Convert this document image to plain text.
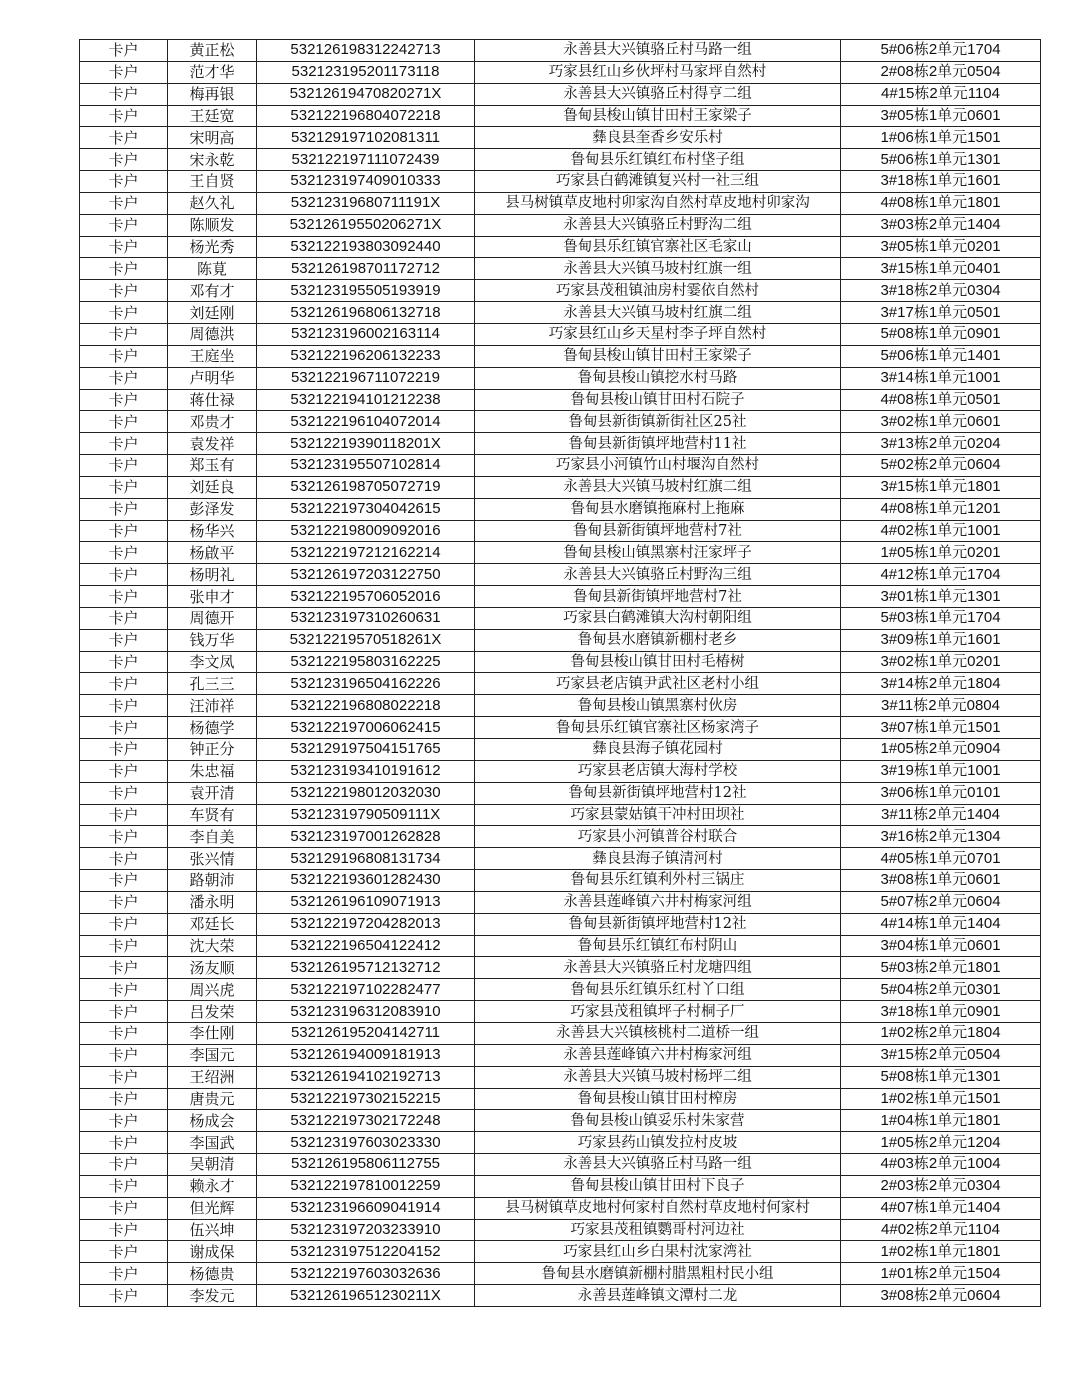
卡户	黄正松	532126198312242713	永善县大兴镇骆丘村马路一组	5#06栋2单元1704
卡户	范才华	532123195201173118	巧家县红山乡伙坪村马家坪自然村	2#08栋2单元0504
卡户	梅再银	53212619470820271X	永善县大兴镇骆丘村得亨二组	4#15栋2单元1104
卡户	王廷宽	532122196804072218	鲁甸县梭山镇甘田村王家梁子	3#05栋1单元0601
卡户	宋明高	532129197102081311	彝良县奎香乡安乐村	1#06栋1单元1501
卡户	宋永乾	532122197111072439	鲁甸县乐红镇红布村垡子组	5#06栋1单元1301
卡户	王自贤	532123197409010333	巧家县白鹤滩镇复兴村一社三组	3#18栋1单元1601
卡户	赵久礼	53212319680711191X	县马树镇草皮地村卯家沟自然村草皮地村卯家沟	4#08栋1单元1801
卡户	陈顺发	53212619550206271X	永善县大兴镇骆丘村野沟二组	3#03栋2单元1404
卡户	杨光秀	532122193803092440	鲁甸县乐红镇官寨社区毛家山	3#05栋1单元0201
卡户	陈莧	532126198701172712	永善县大兴镇马坡村红旗一组	3#15栋1单元0401
卡户	邓有才	532123195505193919	巧家县茂租镇油房村霎依自然村	3#18栋2单元0304
卡户	刘廷刚	532126196806132718	永善县大兴镇马坡村红旗二组	3#17栋1单元0501
卡户	周德洪	532123196002163114	巧家县红山乡天星村李子坪自然村	5#08栋1单元0901
卡户	王庭坐	532122196206132233	鲁甸县梭山镇甘田村王家梁子	5#06栋1单元1401
卡户	卢明华	532122196711072219	鲁甸县梭山镇挖水村马路	3#14栋1单元1001
卡户	蒋仕禄	532122194101212238	鲁甸县梭山镇甘田村石院子	4#08栋1单元0501
卡户	邓贵才	532122196104072014	鲁甸县新街镇新街社区25社	3#02栋1单元0601
卡户	袁发祥	53212219390118201X	鲁甸县新街镇坪地营村11社	3#13栋2单元0204
卡户	郑玉有	532123195507102814	巧家县小河镇竹山村堰沟自然村	5#02栋2单元0604
卡户	刘廷良	532126198705072719	永善县大兴镇马坡村红旗二组	3#15栋1单元1801
卡户	彭泽发	532122197304042615	鲁甸县水磨镇拖麻村上拖麻	4#08栋1单元1201
卡户	杨华兴	532122198009092016	鲁甸县新街镇坪地营村7社	4#02栋1单元1001
卡户	杨啟平	532122197212162214	鲁甸县梭山镇黑寨村汪家坪子	1#05栋1单元0201
卡户	杨明礼	532126197203122750	永善县大兴镇骆丘村野沟三组	4#12栋1单元1704
卡户	张申才	532122195706052016	鲁甸县新街镇坪地营村7社	3#01栋1单元1301
卡户	周德开	532123197310260631	巧家县白鹤滩镇大沟村朝阳组	5#03栋1单元1704
卡户	钱万华	53212219570518261X	鲁甸县水磨镇新棚村老乡	3#09栋1单元1601
卡户	李文凤	532122195803162225	鲁甸县梭山镇甘田村毛椿树	3#02栋1单元0201
卡户	孔三三	532123196504162226	巧家县老店镇尹武社区老村小组	3#14栋2单元1804
卡户	汪沛祥	532122196808022218	鲁甸县梭山镇黑寨村伙房	3#11栋2单元0804
卡户	杨德学	532122197006062415	鲁甸县乐红镇官寨社区杨家湾子	3#07栋1单元1501
卡户	钟正分	532129197504151765	彝良县海子镇花园村	1#05栋2单元0904
卡户	朱忠福	532123193410191612	巧家县老店镇大海村学校	3#19栋1单元1001
卡户	袁开清	532122198012032030	鲁甸县新街镇坪地营村12社	3#06栋1单元0101
卡户	车贤有	53212319790509111X	巧家县蒙姑镇干冲村田坝社	3#11栋2单元1404
卡户	李自美	532123197001262828	巧家县小河镇普谷村联合	3#16栋2单元1304
卡户	张兴情	532129196808131734	彝良县海子镇清河村	4#05栋1单元0701
卡户	路朝沛	532122193601282430	鲁甸县乐红镇利外村三锅庄	3#08栋1单元0601
卡户	潘永明	532126196109071913	永善县莲峰镇六井村梅家河组	5#07栋2单元0604
卡户	邓廷长	532122197204282013	鲁甸县新街镇坪地营村12社	4#14栋1单元1404
卡户	沈大荣	532122196504122412	鲁甸县乐红镇红布村阴山	3#04栋1单元0601
卡户	汤友顺	532126195712132712	永善县大兴镇骆丘村龙塘四组	5#03栋2单元1801
卡户	周兴虎	532122197102282477	鲁甸县乐红镇乐红村丫口组	5#04栋2单元0301
卡户	吕发荣	532123196312083910	巧家县茂租镇坪子村桐子厂	3#18栋1单元0901
卡户	李仕刚	532126195204142711	永善县大兴镇核桃村二道桥一组	1#02栋2单元1804
卡户	李国元	532126194009181913	永善县莲峰镇六井村梅家河组	3#15栋2单元0504
卡户	王绍洲	532126194102192713	永善县大兴镇马坡村杨坪二组	5#08栋1单元1301
卡户	唐贵元	532122197302152215	鲁甸县梭山镇甘田村榨房	1#02栋1单元1501
卡户	杨成会	532122197302172248	鲁甸县梭山镇妥乐村朱家营	1#04栋1单元1801
卡户	李国武	532123197603023330	巧家县药山镇发拉村皮坡	1#05栋2单元1204
卡户	吴朝清	532126195806112755	永善县大兴镇骆丘村马路一组	4#03栋2单元1004
卡户	赖永才	532122197810012259	鲁甸县梭山镇甘田村下良子	2#03栋2单元0304
卡户	但光辉	532123196609041914	县马树镇草皮地村何家村自然村草皮地村何家村	4#07栋1单元1404
卡户	伍兴坤	532123197203233910	巧家县茂租镇鹦哥村河边社	4#02栋2单元1104
卡户	谢成保	532123197512204152	巧家县红山乡白果村沈家湾社	1#02栋1单元1801
卡户	杨德贵	532122197603032636	鲁甸县水磨镇新棚村腊黑粗村民小组	1#01栋2单元1504
卡户	李发元	53212619651230211X	永善县莲峰镇文潭村二龙	3#08栋2单元0604
